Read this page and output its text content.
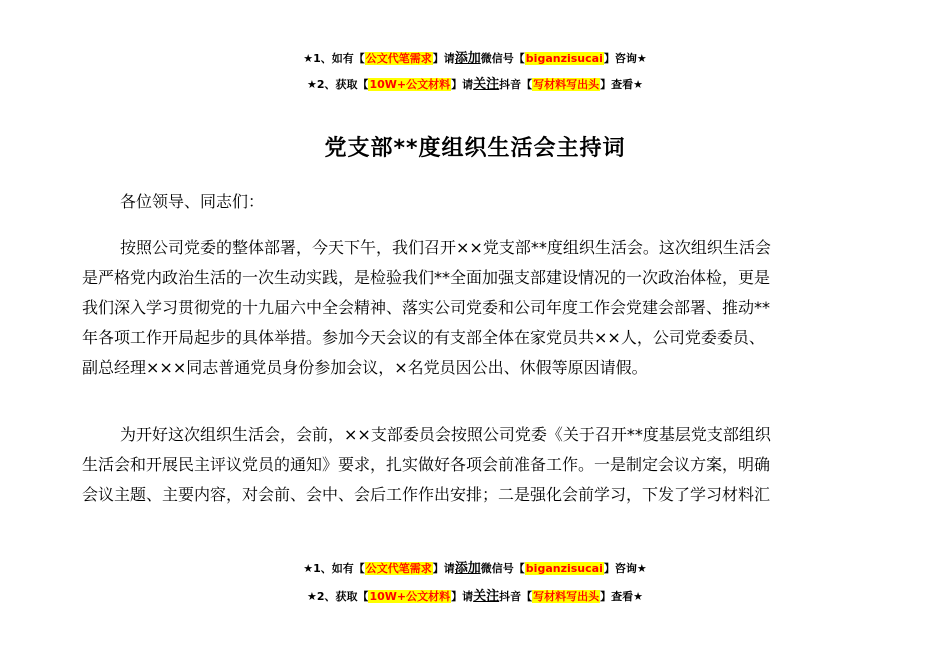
★1、如有【公文代笔需求】请添加微信号【biganzisucai】咨询★
★2、获取【10W+公文材料】请关注抖音【写材料写出头】查看★
党支部**度组织生活会主持词

各位领导、同志们：

按照公司党委的整体部署，今天下午，我们召开××党支部**度组织生活会。这次组织生活会
是严格党内政治生活的一次生动实践，是检验我们**全面加强支部建设情况的一次政治体检，更是
我们深入学习贯彻党的十九届六中全会精神、落实公司党委和公司年度工作会党建会部署、推动**
年各项工作开局起步的具体举措。参加今天会议的有支部全体在家党员共××人，公司党委委员、
副总经理×××同志普通党员身份参加会议，×名党员因公出、休假等原因请假。
为开好这次组织生活会，会前，××支部委员会按照公司党委《关于召开**度基层党支部组织
生活会和开展民主评议党员的通知》要求，扎实做好各项会前准备工作。一是制定会议方案，明确
会议主题、主要内容，对会前、会中、会后工作作出安排；二是强化会前学习，下发了学习材料汇
★1、如有【公文代笔需求】请添加微信号【biganzisucai】咨询★
★2、获取【10W+公文材料】请关注抖音【写材料写出头】查看★
